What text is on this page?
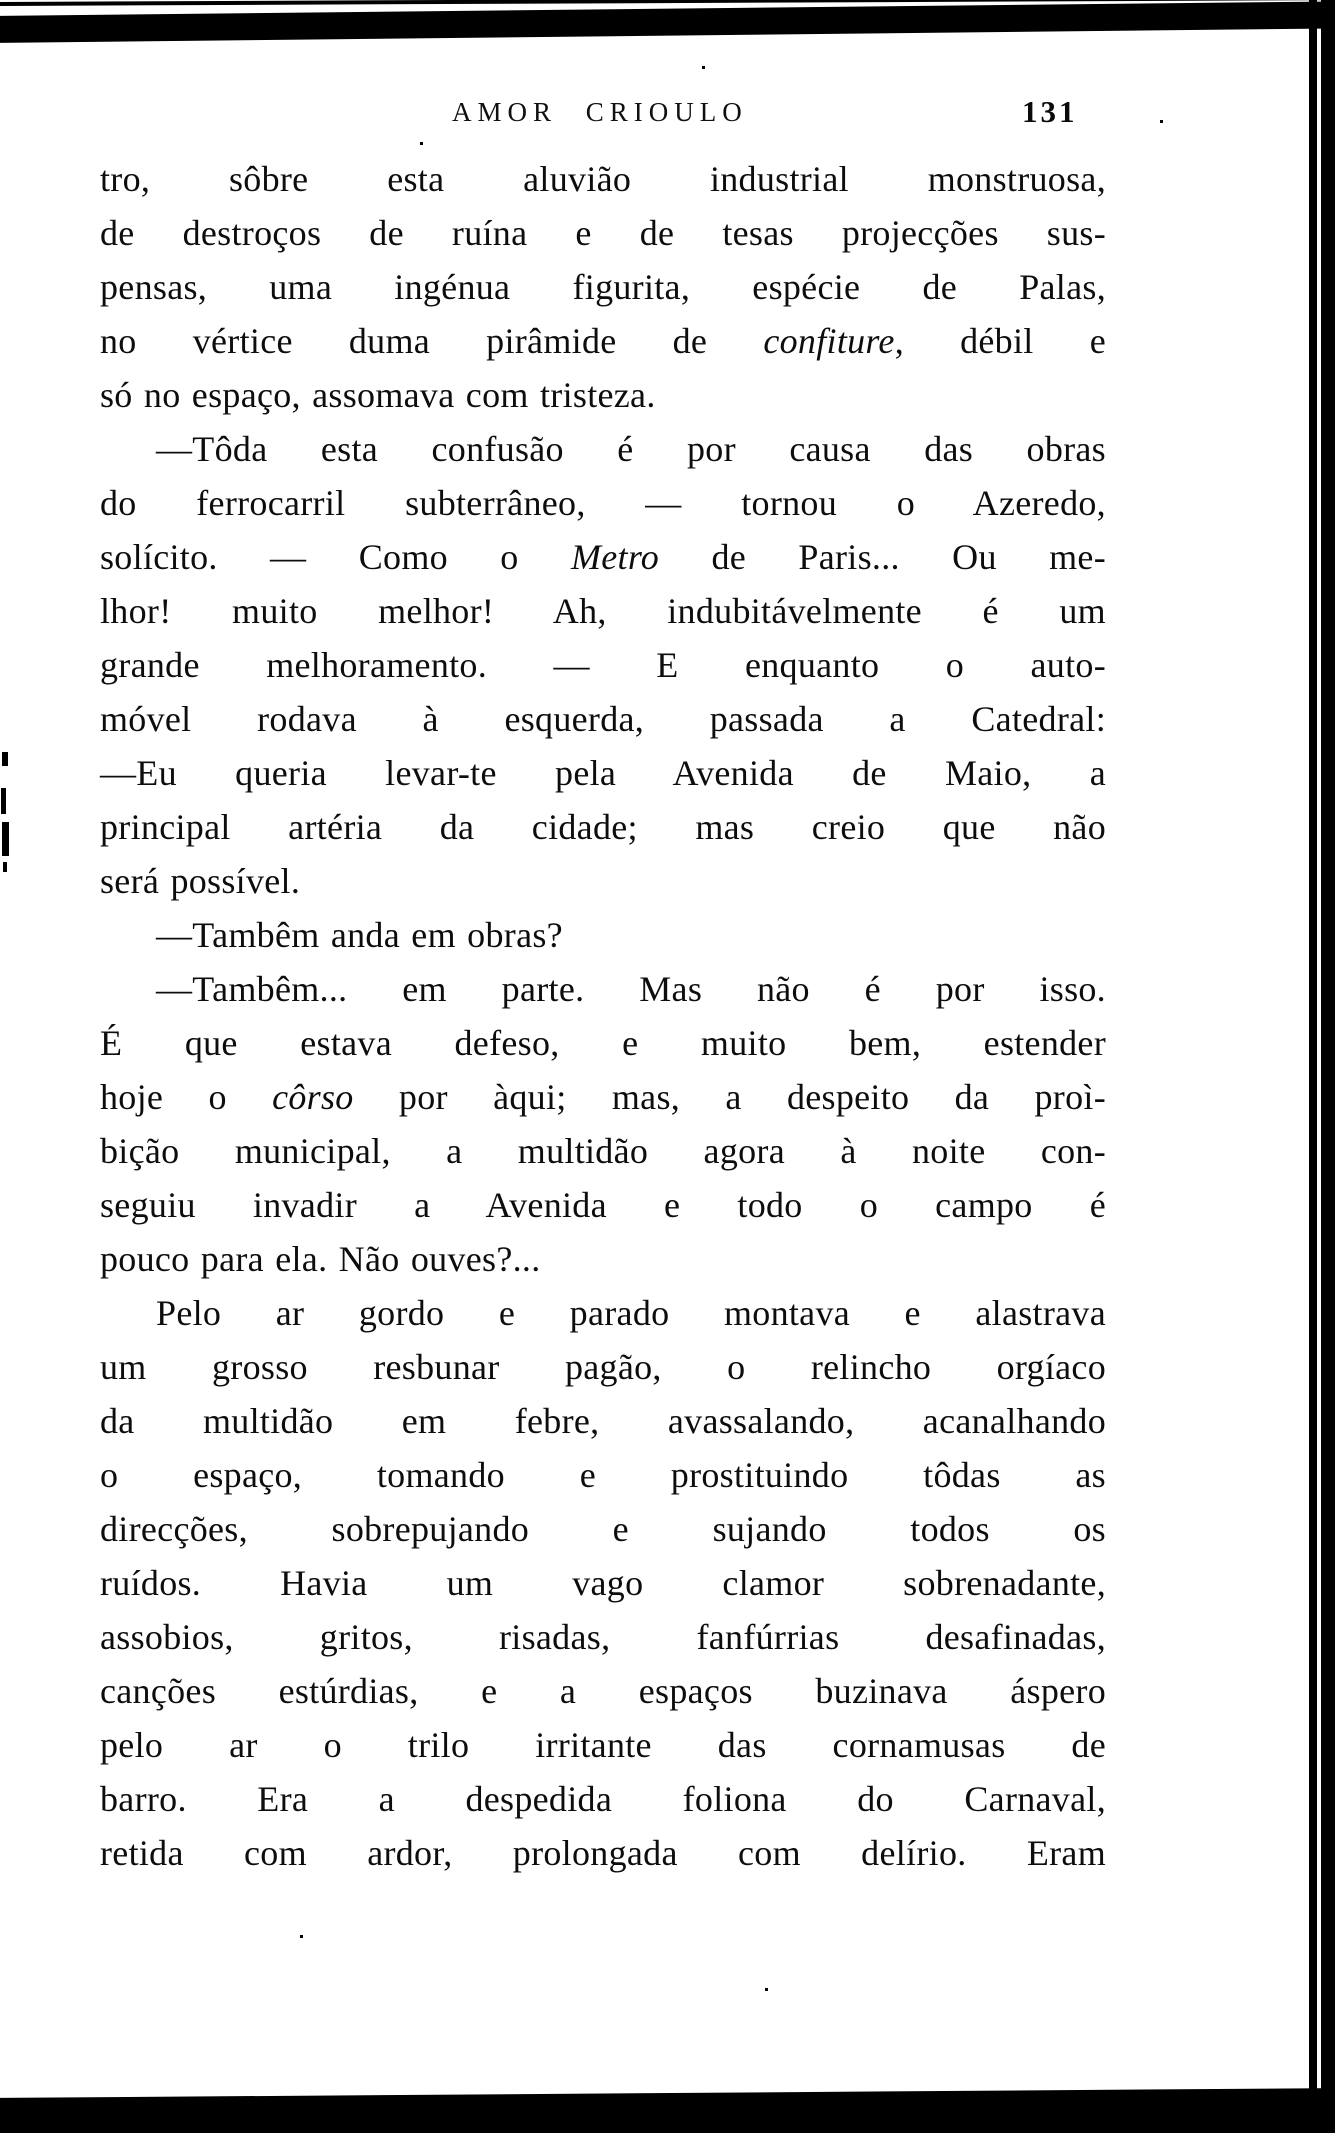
AMOR CRIOULO	131
tro, sôbre esta aluvião industrial monstruosa,
de destroços de ruína e de tesas projecções sus-
pensas, uma ingénua figurita, espécie de Palas,
no vértice duma pirâmide de confiture, débil e
só no espaço, assomava com tristeza.
—Tôda esta confusão é por causa das obras
do ferrocarril subterrâneo, — tornou o Azeredo,
solícito. — Como o Metro de Paris... Ou me-
lhor! muito melhor! Ah, indubitávelmente é um
grande melhoramento. — E enquanto o auto-
móvel rodava à esquerda, passada a Catedral:
—Eu queria levar-te pela Avenida de Maio, a
principal artéria da cidade; mas creio que não
será possível.
—Tambêm anda em obras?
—Tambêm... em parte. Mas não é por isso.
É que estava defeso, e muito bem, estender
hoje o côrso por àqui; mas, a despeito da proì-
bição municipal, a multidão agora à noite con-
seguiu invadir a Avenida e todo o campo é
pouco para ela. Não ouves?...
Pelo ar gordo e parado montava e alastrava
um grosso resbunar pagão, o relincho orgíaco
da multidão em febre, avassalando, acanalhando
o espaço, tomando e prostituindo tôdas as
direcções, sobrepujando e sujando todos os
ruídos. Havia um vago clamor sobrenadante,
assobios, gritos, risadas, fanfúrrias desafinadas,
canções estúrdias, e a espaços buzinava áspero
pelo ar o trilo irritante das cornamusas de
barro. Era a despedida foliona do Carnaval,
retida com ardor, prolongada com delírio. Eram
